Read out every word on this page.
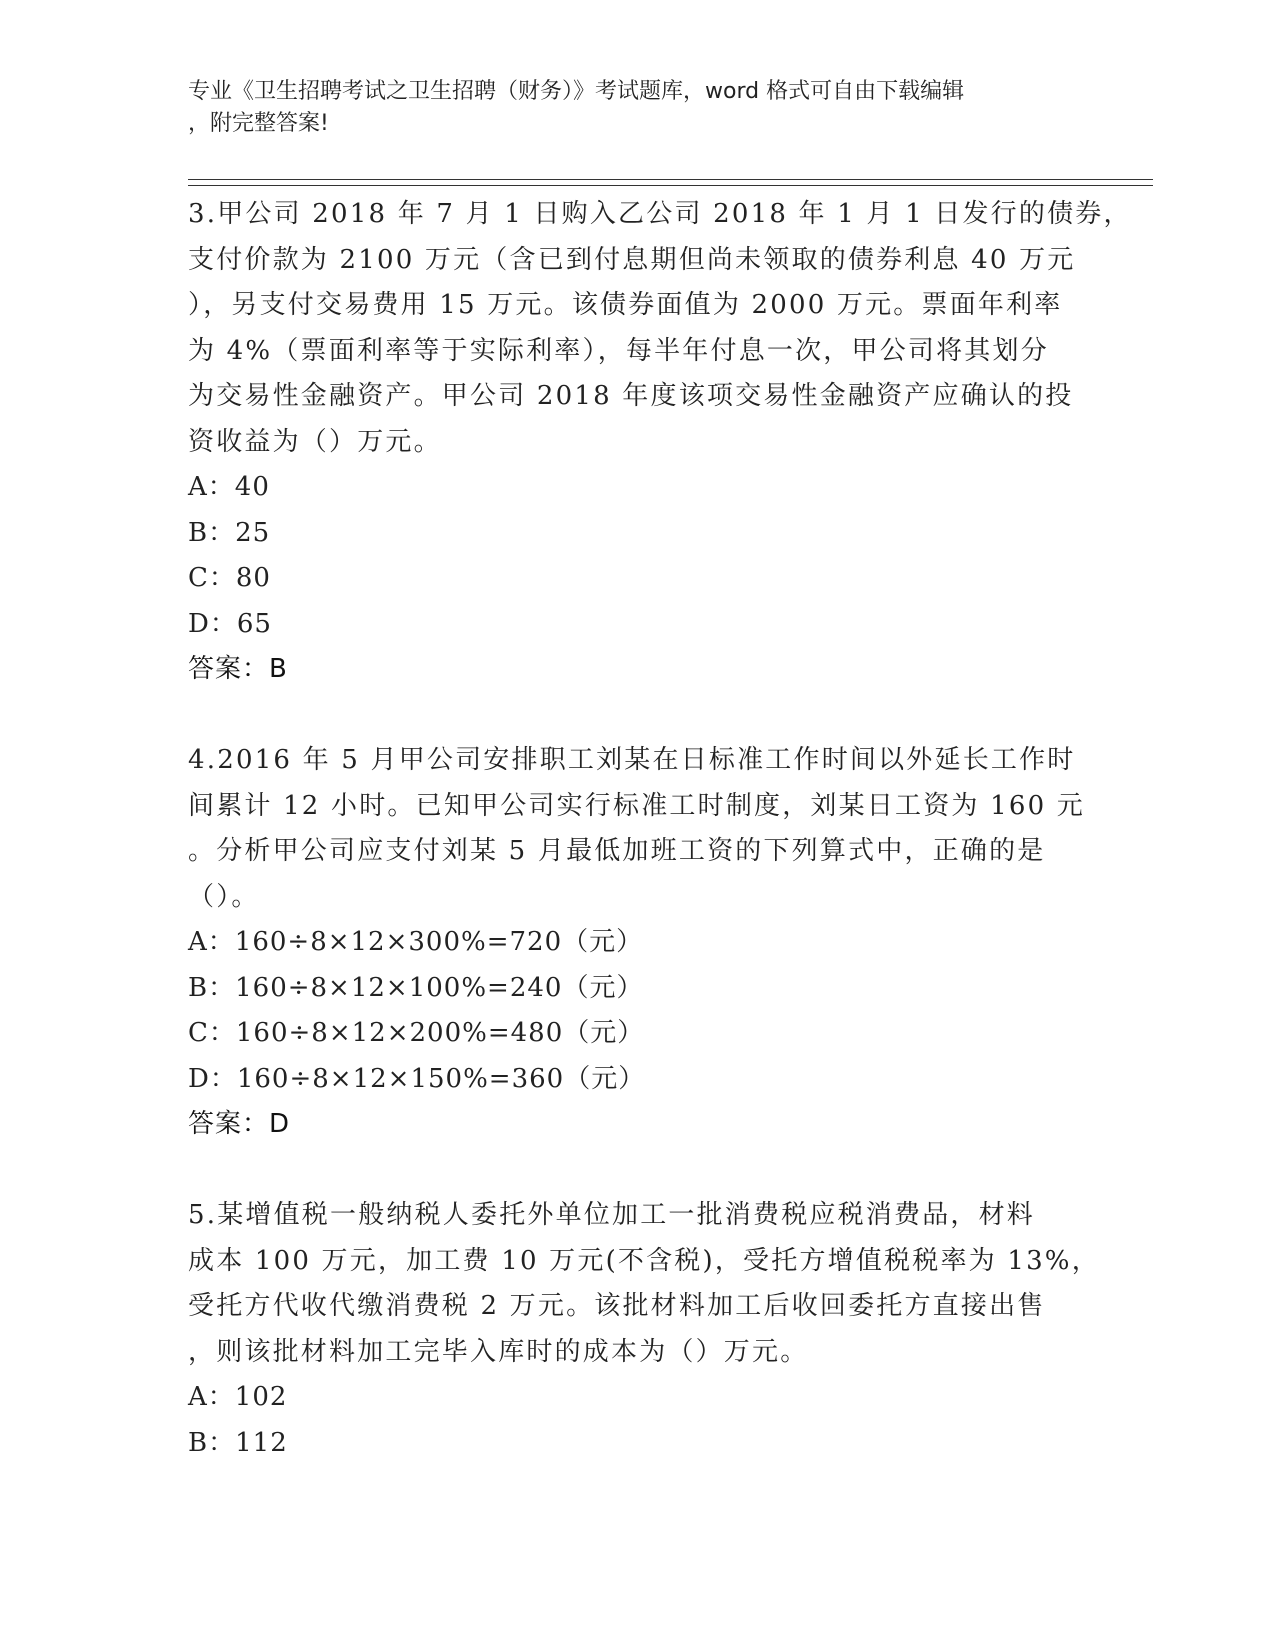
专业《卫生招聘考试之卫生招聘（财务）》考试题库，word 格式可自由下载编辑

，附完整答案!

3.甲公司 2018 年 7 月 1 日购入乙公司 2018 年 1 月 1 日发行的债券，

支付价款为 2100 万元（含已到付息期但尚未领取的债券利息 40 万元

），另支付交易费用 15 万元。该债券面值为 2000 万元。票面年利率

为 4%（票面利率等于实际利率），每半年付息一次，甲公司将其划分

为交易性金融资产。甲公司 2018 年度该项交易性金融资产应确认的投

资收益为（）万元。

A：40

B：25

C：80

D：65

答案：B

4.2016 年 5 月甲公司安排职工刘某在日标准工作时间以外延长工作时

间累计 12 小时。已知甲公司实行标准工时制度，刘某日工资为 160 元

。分析甲公司应支付刘某 5 月最低加班工资的下列算式中，正确的是

（）。

A：160÷8×12×300%=720（元）

B：160÷8×12×100%=240（元）

C：160÷8×12×200%=480（元）

D：160÷8×12×150%=360（元）

答案：D

5.某增值税一般纳税人委托外单位加工一批消费税应税消费品，材料

成本 100 万元，加工费 10 万元(不含税)，受托方增值税税率为 13%，

受托方代收代缴消费税 2 万元。该批材料加工后收回委托方直接出售

，则该批材料加工完毕入库时的成本为（）万元。

A：102

B：112
